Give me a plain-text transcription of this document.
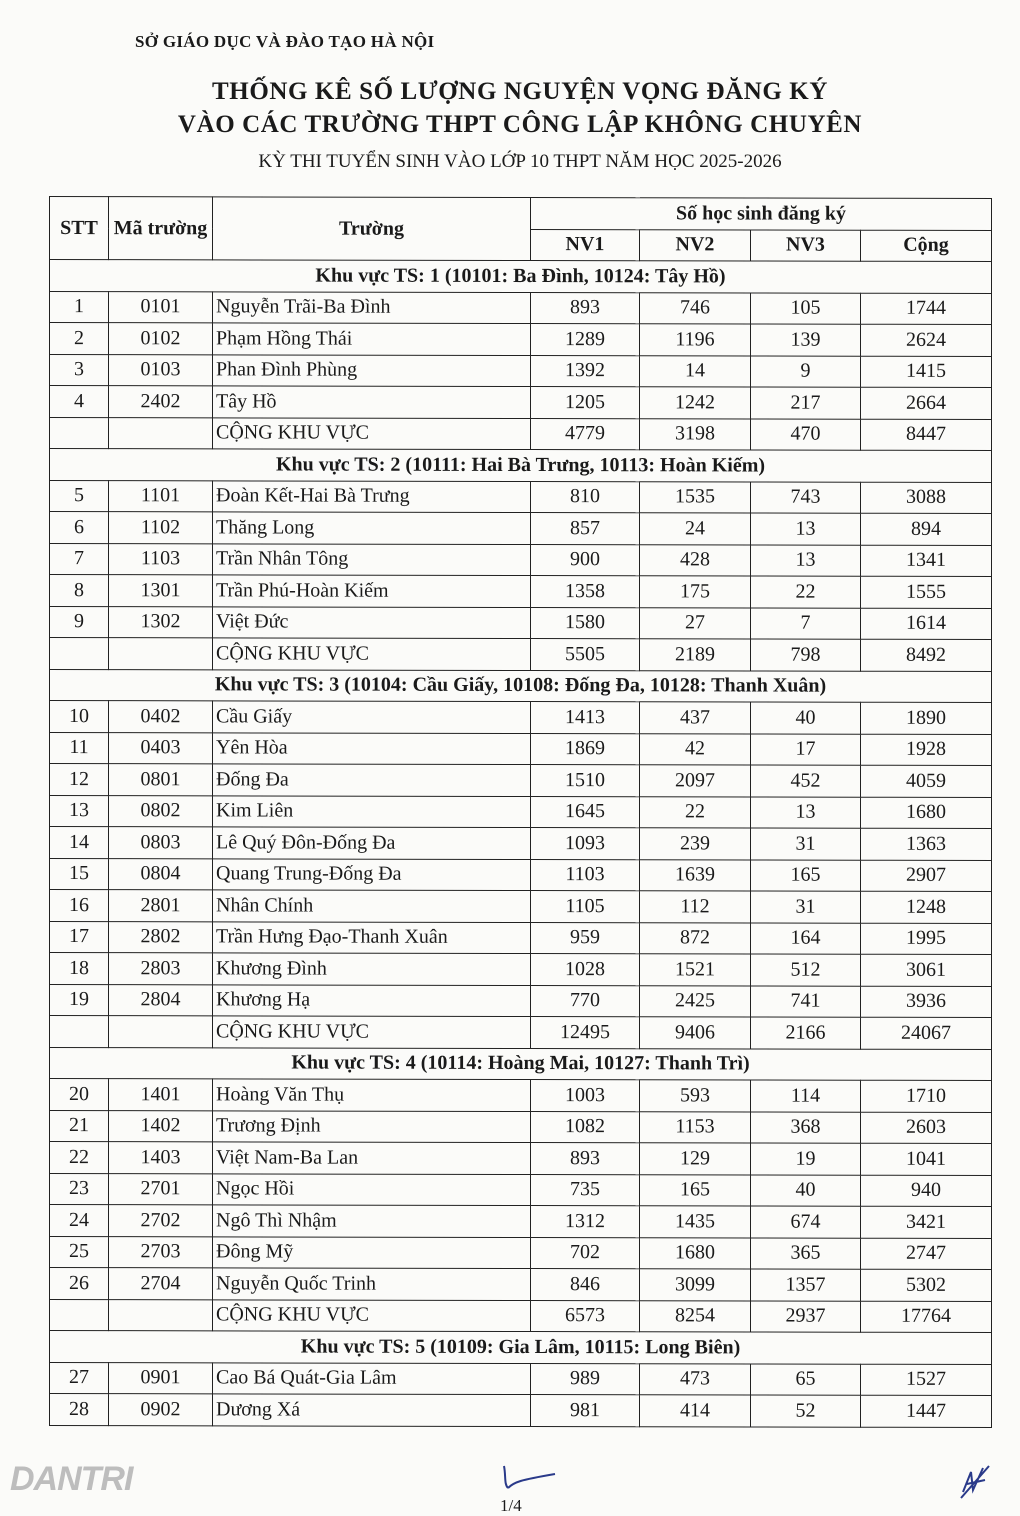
SỞ GIÁO DỤC VÀ ĐÀO TẠO HÀ NỘI
THỐNG KÊ SỐ LƯỢNG NGUYỆN VỌNG ĐĂNG KÝ
VÀO CÁC TRƯỜNG THPT CÔNG LẬP KHÔNG CHUYÊN
KỲ THI TUYỂN SINH VÀO LỚP 10 THPT NĂM HỌC 2025-2026
STT	Mã trường	Trường	Số học sinh đăng ký			
			NV1	NV2	NV3	Cộng
Khu vực TS: 1 (10101: Ba Đình, 10124: Tây Hồ)						
1	0101	Nguyễn Trãi-Ba Đình	893	746	105	1744
2	0102	Phạm Hồng Thái	1289	1196	139	2624
3	0103	Phan Đình Phùng	1392	14	9	1415
4	2402	Tây Hồ	1205	1242	217	2664
		CỘNG KHU VỰC	4779	3198	470	8447
Khu vực TS: 2 (10111: Hai Bà Trưng, 10113: Hoàn Kiếm)						
5	1101	Đoàn Kết-Hai Bà Trưng	810	1535	743	3088
6	1102	Thăng Long	857	24	13	894
7	1103	Trần Nhân Tông	900	428	13	1341
8	1301	Trần Phú-Hoàn Kiếm	1358	175	22	1555
9	1302	Việt Đức	1580	27	7	1614
		CỘNG KHU VỰC	5505	2189	798	8492
Khu vực TS: 3 (10104: Cầu Giấy, 10108: Đống Đa, 10128: Thanh Xuân)						
10	0402	Cầu Giấy	1413	437	40	1890
11	0403	Yên Hòa	1869	42	17	1928
12	0801	Đống Đa	1510	2097	452	4059
13	0802	Kim Liên	1645	22	13	1680
14	0803	Lê Quý Đôn-Đống Đa	1093	239	31	1363
15	0804	Quang Trung-Đống Đa	1103	1639	165	2907
16	2801	Nhân Chính	1105	112	31	1248
17	2802	Trần Hưng Đạo-Thanh Xuân	959	872	164	1995
18	2803	Khương Đình	1028	1521	512	3061
19	2804	Khương Hạ	770	2425	741	3936
		CỘNG KHU VỰC	12495	9406	2166	24067
Khu vực TS: 4 (10114: Hoàng Mai, 10127: Thanh Trì)						
20	1401	Hoàng Văn Thụ	1003	593	114	1710
21	1402	Trương Định	1082	1153	368	2603
22	1403	Việt Nam-Ba Lan	893	129	19	1041
23	2701	Ngọc Hồi	735	165	40	940
24	2702	Ngô Thì Nhậm	1312	1435	674	3421
25	2703	Đông Mỹ	702	1680	365	2747
26	2704	Nguyễn Quốc Trinh	846	3099	1357	5302
		CỘNG KHU VỰC	6573	8254	2937	17764
Khu vực TS: 5 (10109: Gia Lâm, 10115: Long Biên)						
27	0901	Cao Bá Quát-Gia Lâm	989	473	65	1527
28	0902	Dương Xá	981	414	52	1447
1/4
DANTRI
